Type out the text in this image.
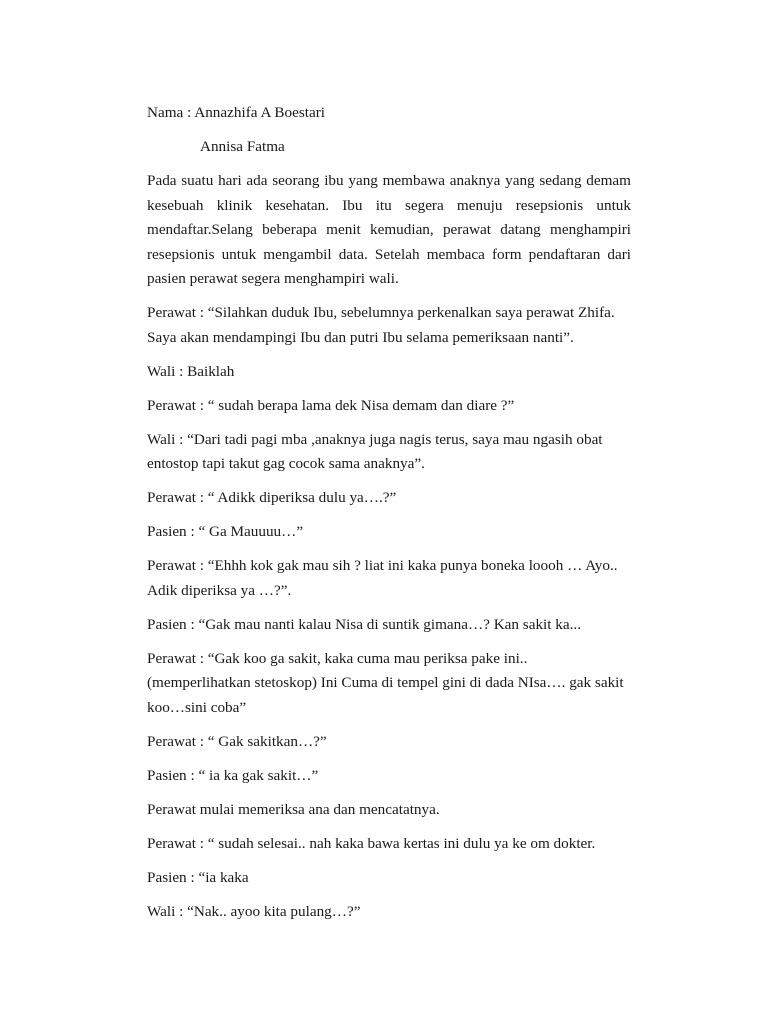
Nama : Annazhifa A Boestari

Annisa Fatma

Pada suatu hari ada seorang ibu yang membawa anaknya yang sedang demam kesebuah klinik kesehatan. Ibu itu segera menuju resepsionis untuk mendaftar.Selang beberapa menit kemudian, perawat datang menghampiri resepsionis untuk mengambil data. Setelah membaca form pendaftaran dari pasien perawat segera menghampiri wali.

Perawat : “Silahkan duduk Ibu, sebelumnya perkenalkan saya perawat Zhifa. Saya akan mendampingi Ibu dan putri Ibu selama pemeriksaan nanti”.

Wali : Baiklah

Perawat : “ sudah berapa lama dek Nisa demam dan diare ?”

Wali : “Dari tadi pagi mba ,anaknya juga nagis terus, saya mau ngasih obat entostop tapi takut gag cocok sama anaknya”.

Perawat : “ Adikk diperiksa dulu ya….?”

Pasien : “ Ga Mauuuu…”

Perawat : “Ehhh kok gak mau sih ? liat ini kaka punya boneka loooh … Ayo.. Adik diperiksa ya …?”.

Pasien : “Gak mau nanti kalau Nisa di suntik gimana…? Kan sakit ka...

Perawat : “Gak koo ga sakit, kaka cuma mau periksa pake ini.. (memperlihatkan stetoskop) Ini Cuma di tempel gini di dada NIsa…. gak sakit koo…sini coba”

Perawat : “ Gak sakitkan…?”

Pasien : “ ia ka gak sakit…”

Perawat mulai memeriksa ana dan mencatatnya.

Perawat : “ sudah selesai.. nah kaka bawa kertas ini dulu ya ke om dokter.

Pasien : “ia kaka

Wali : “Nak.. ayoo kita pulang…?”
